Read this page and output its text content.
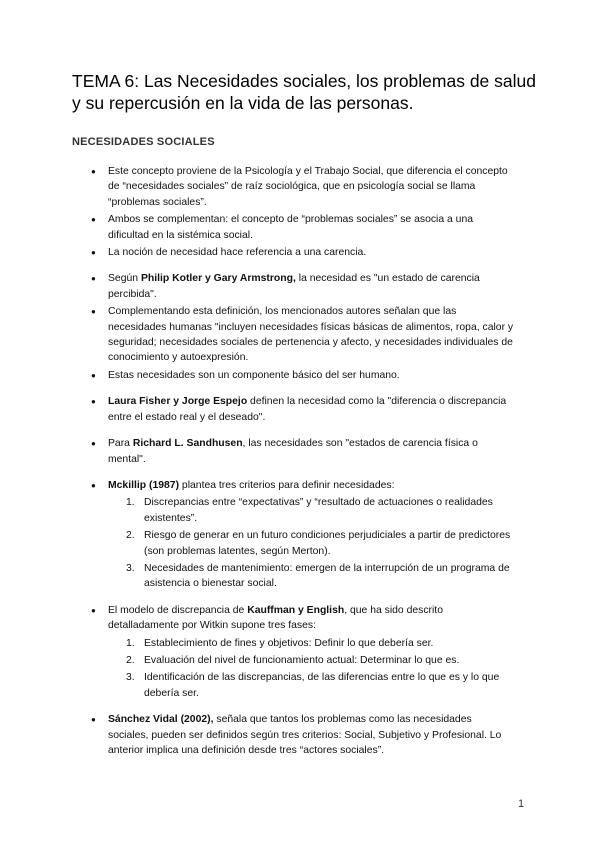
TEMA 6: Las Necesidades sociales, los problemas de salud y su repercusión en la vida de las personas.
NECESIDADES SOCIALES
● Este concepto proviene de la Psicología y el Trabajo Social, que diferencia el concepto de “necesidades sociales” de raíz sociológica, que en psicología social se llama “problemas sociales”.
● Ambos se complementan: el concepto de “problemas sociales” se asocia a una dificultad en la sistémica social.
● La noción de necesidad hace referencia a una carencia.
● Según Philip Kotler y Gary Armstrong, la necesidad es "un estado de carencia percibida".
● Complementando esta definición, los mencionados autores señalan que las necesidades humanas "incluyen necesidades físicas básicas de alimentos, ropa, calor y seguridad; necesidades sociales de pertenencia y afecto, y necesidades individuales de conocimiento y autoexpresión.
● Estas necesidades son un componente básico del ser humano.
● Laura Fisher y Jorge Espejo definen la necesidad como la "diferencia o discrepancia entre el estado real y el deseado".
● Para Richard L. Sandhusen, las necesidades son "estados de carencia física o mental".
● Mckillip (1987) plantea tres criterios para definir necesidades:
Discrepancias entre “expectativas” y “resultado de actuaciones o realidades existentes”.
Riesgo de generar en un futuro condiciones perjudiciales a partir de predictores (son problemas latentes, según Merton).
Necesidades de mantenimiento: emergen de la interrupción de un programa de asistencia o bienestar social.
● El modelo de discrepancia de Kauffman y English, que ha sido descrito detalladamente por Witkin supone tres fases:
Establecimiento de fines y objetivos: Definir lo que debería ser.
Evaluación del nivel de funcionamiento actual: Determinar lo que es.
Identificación de las discrepancias, de las diferencias entre lo que es y lo que debería ser.
● Sánchez Vidal (2002), señala que tantos los problemas como las necesidades sociales, pueden ser definidos según tres criterios: Social, Subjetivo y Profesional. Lo anterior implica una definición desde tres “actores sociales”.
1
